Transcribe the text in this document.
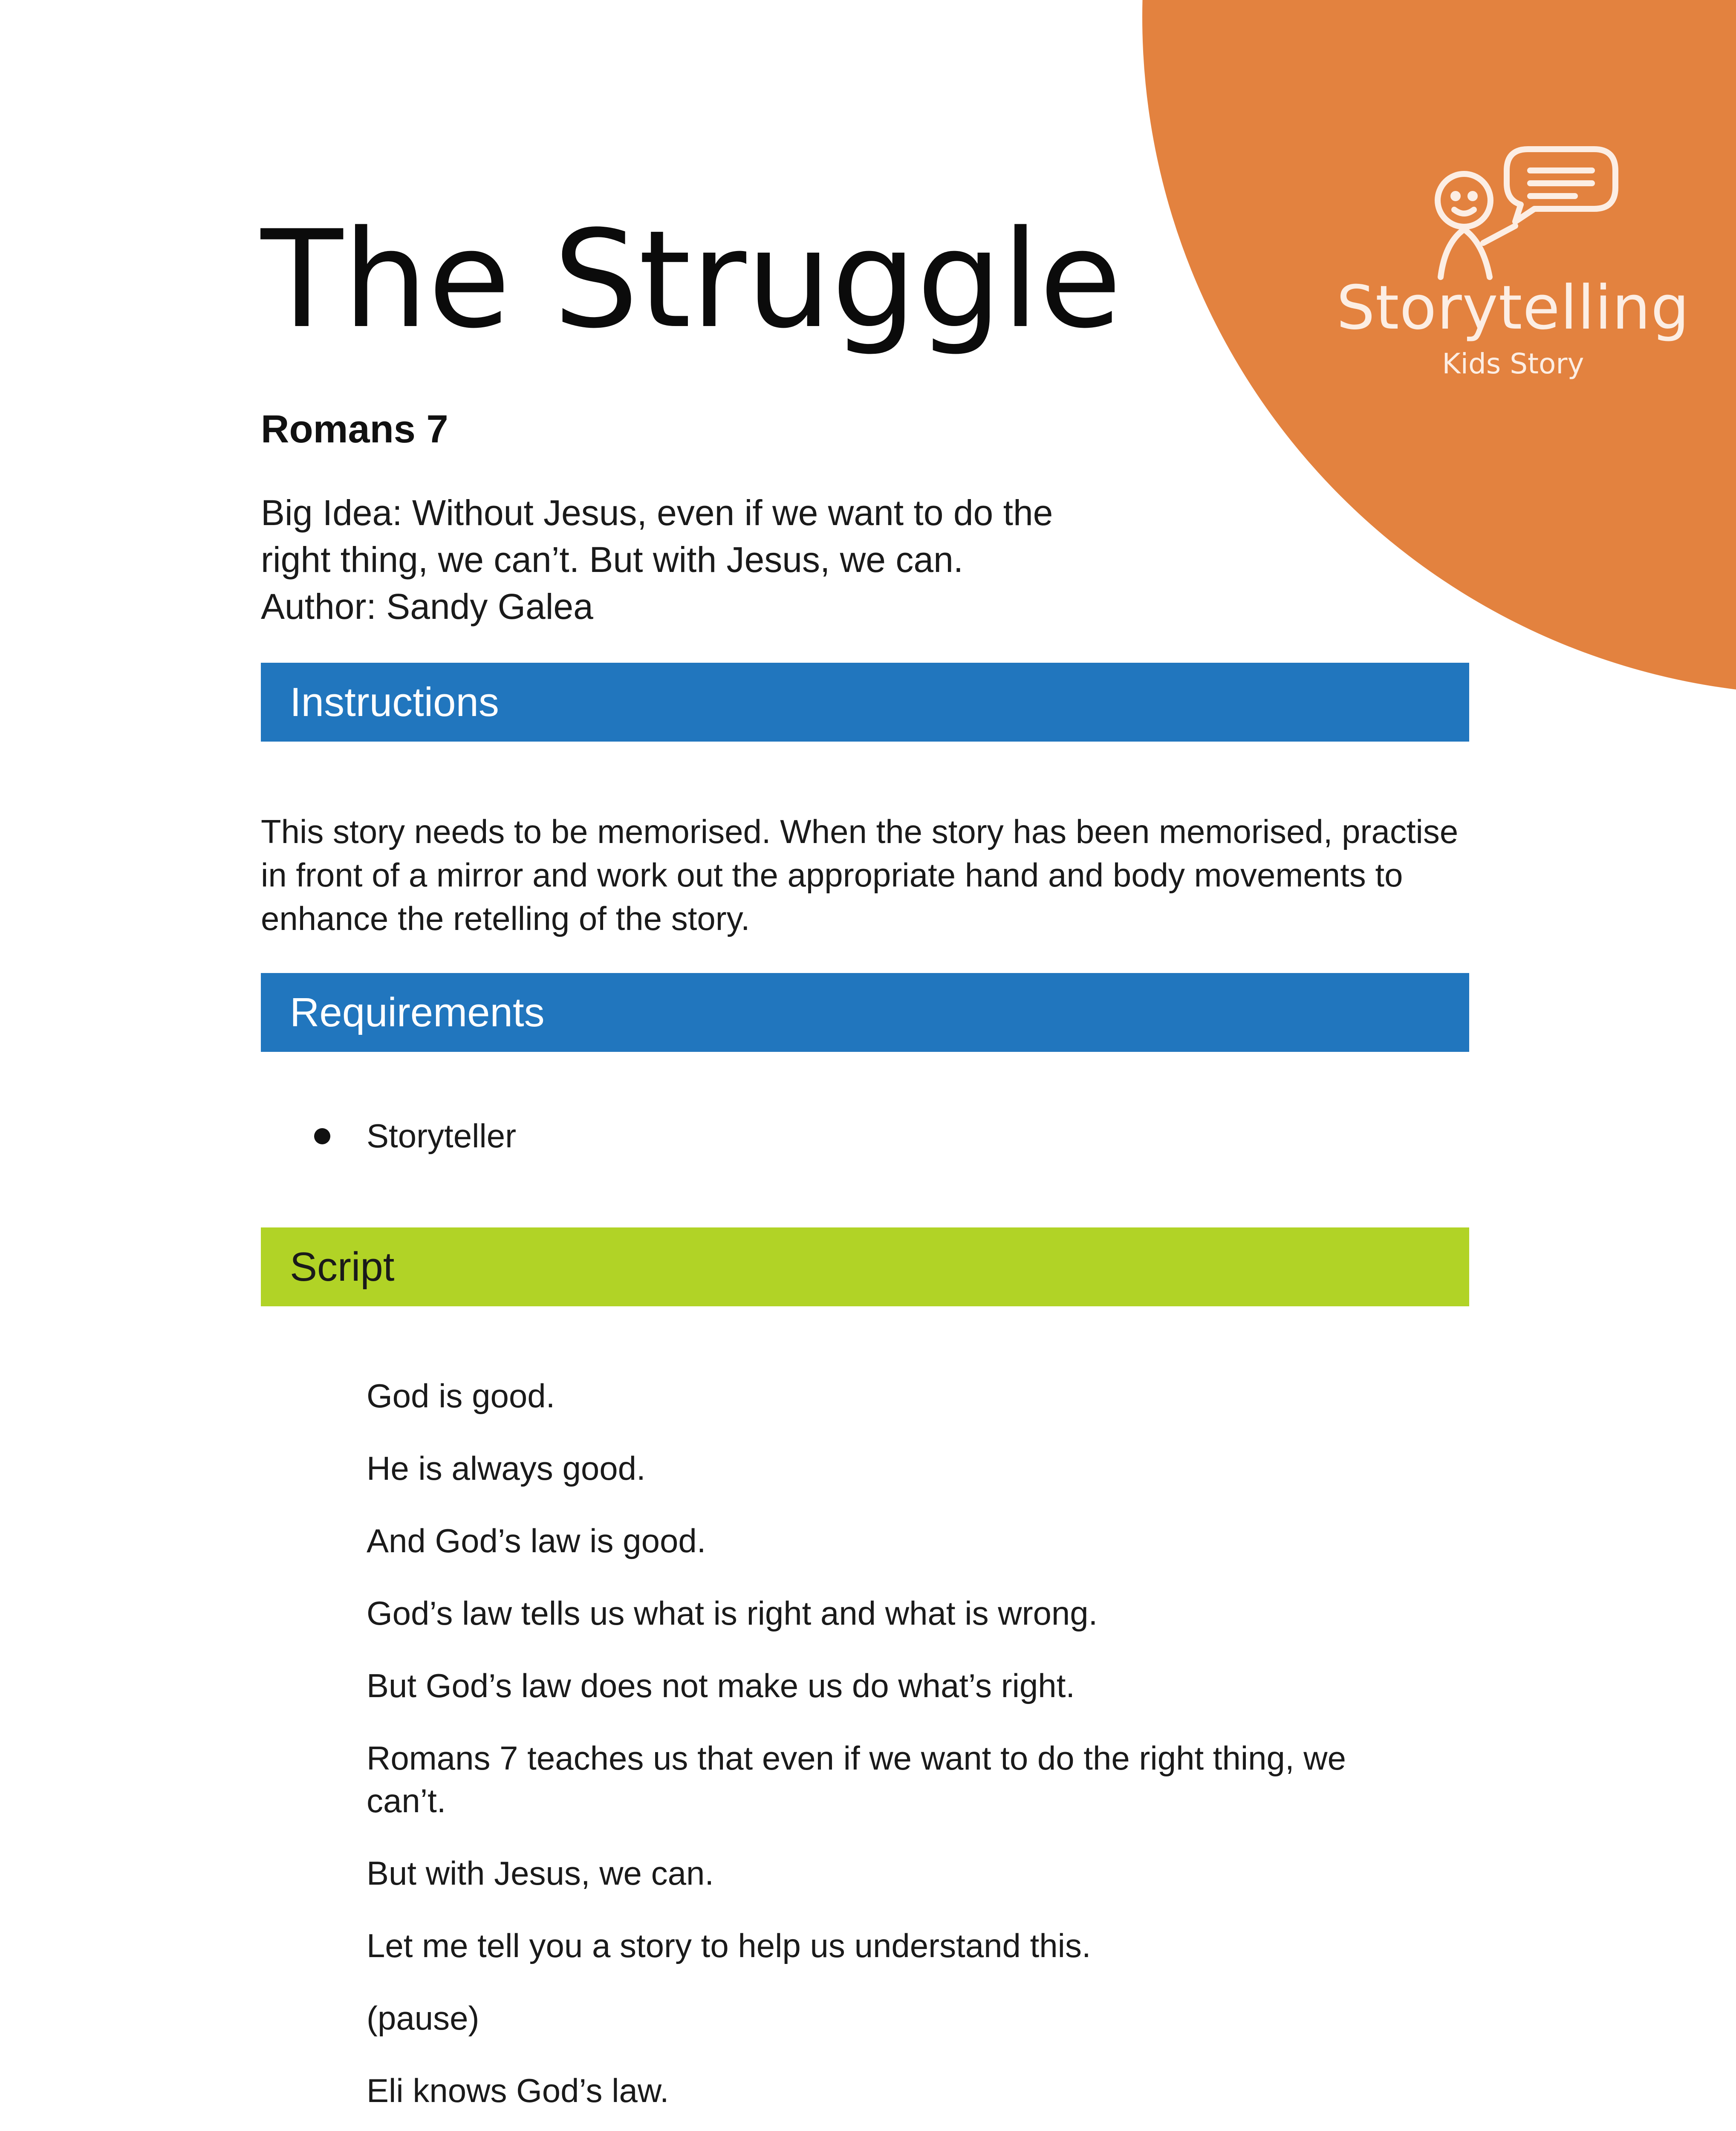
Storytelling
Kids Story
The Struggle
Romans 7
Big Idea: Without Jesus, even if we want to do the
right thing, we can’t. But with Jesus, we can.
Author: Sandy Galea
Instructions
This story needs to be memorised. When the story has been memorised, practise in front of a mirror and work out the appropriate hand and body movements to enhance the retelling of the story.
Requirements
Storyteller
Script

God is good.

He is always good.

And God’s law is good.

God’s law tells us what is right and what is wrong.

But God’s law does not make us do what’s right.

Romans 7 teaches us that even if we want to do the right thing, we can’t.

But with Jesus, we can.

Let me tell you a story to help us understand this.

(pause)

Eli knows God’s law.
